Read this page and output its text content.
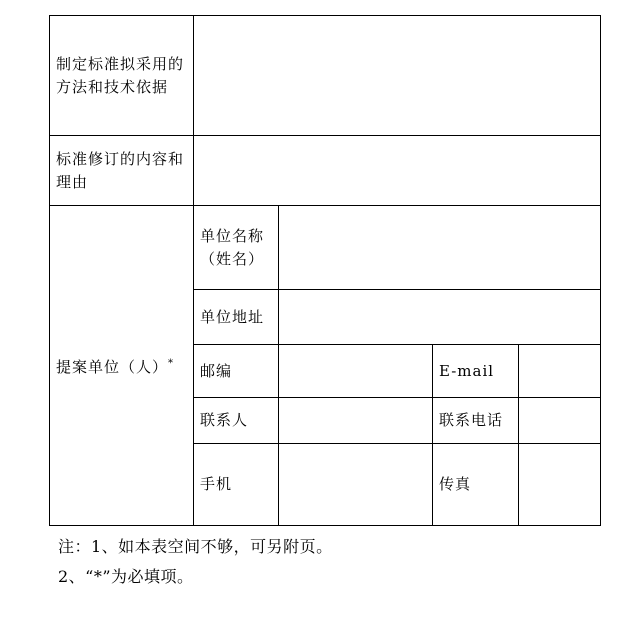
制定标准拟采用的方法和技术依据				
标准修订的内容和理由				
提案单位（人）*	单位名称（姓名）			
	单位地址			
	邮编		E-mail	
	联系人		联系电话	
	手机		传真	
注：1、如本表空间不够，可另附页。
2、“*”为必填项。
